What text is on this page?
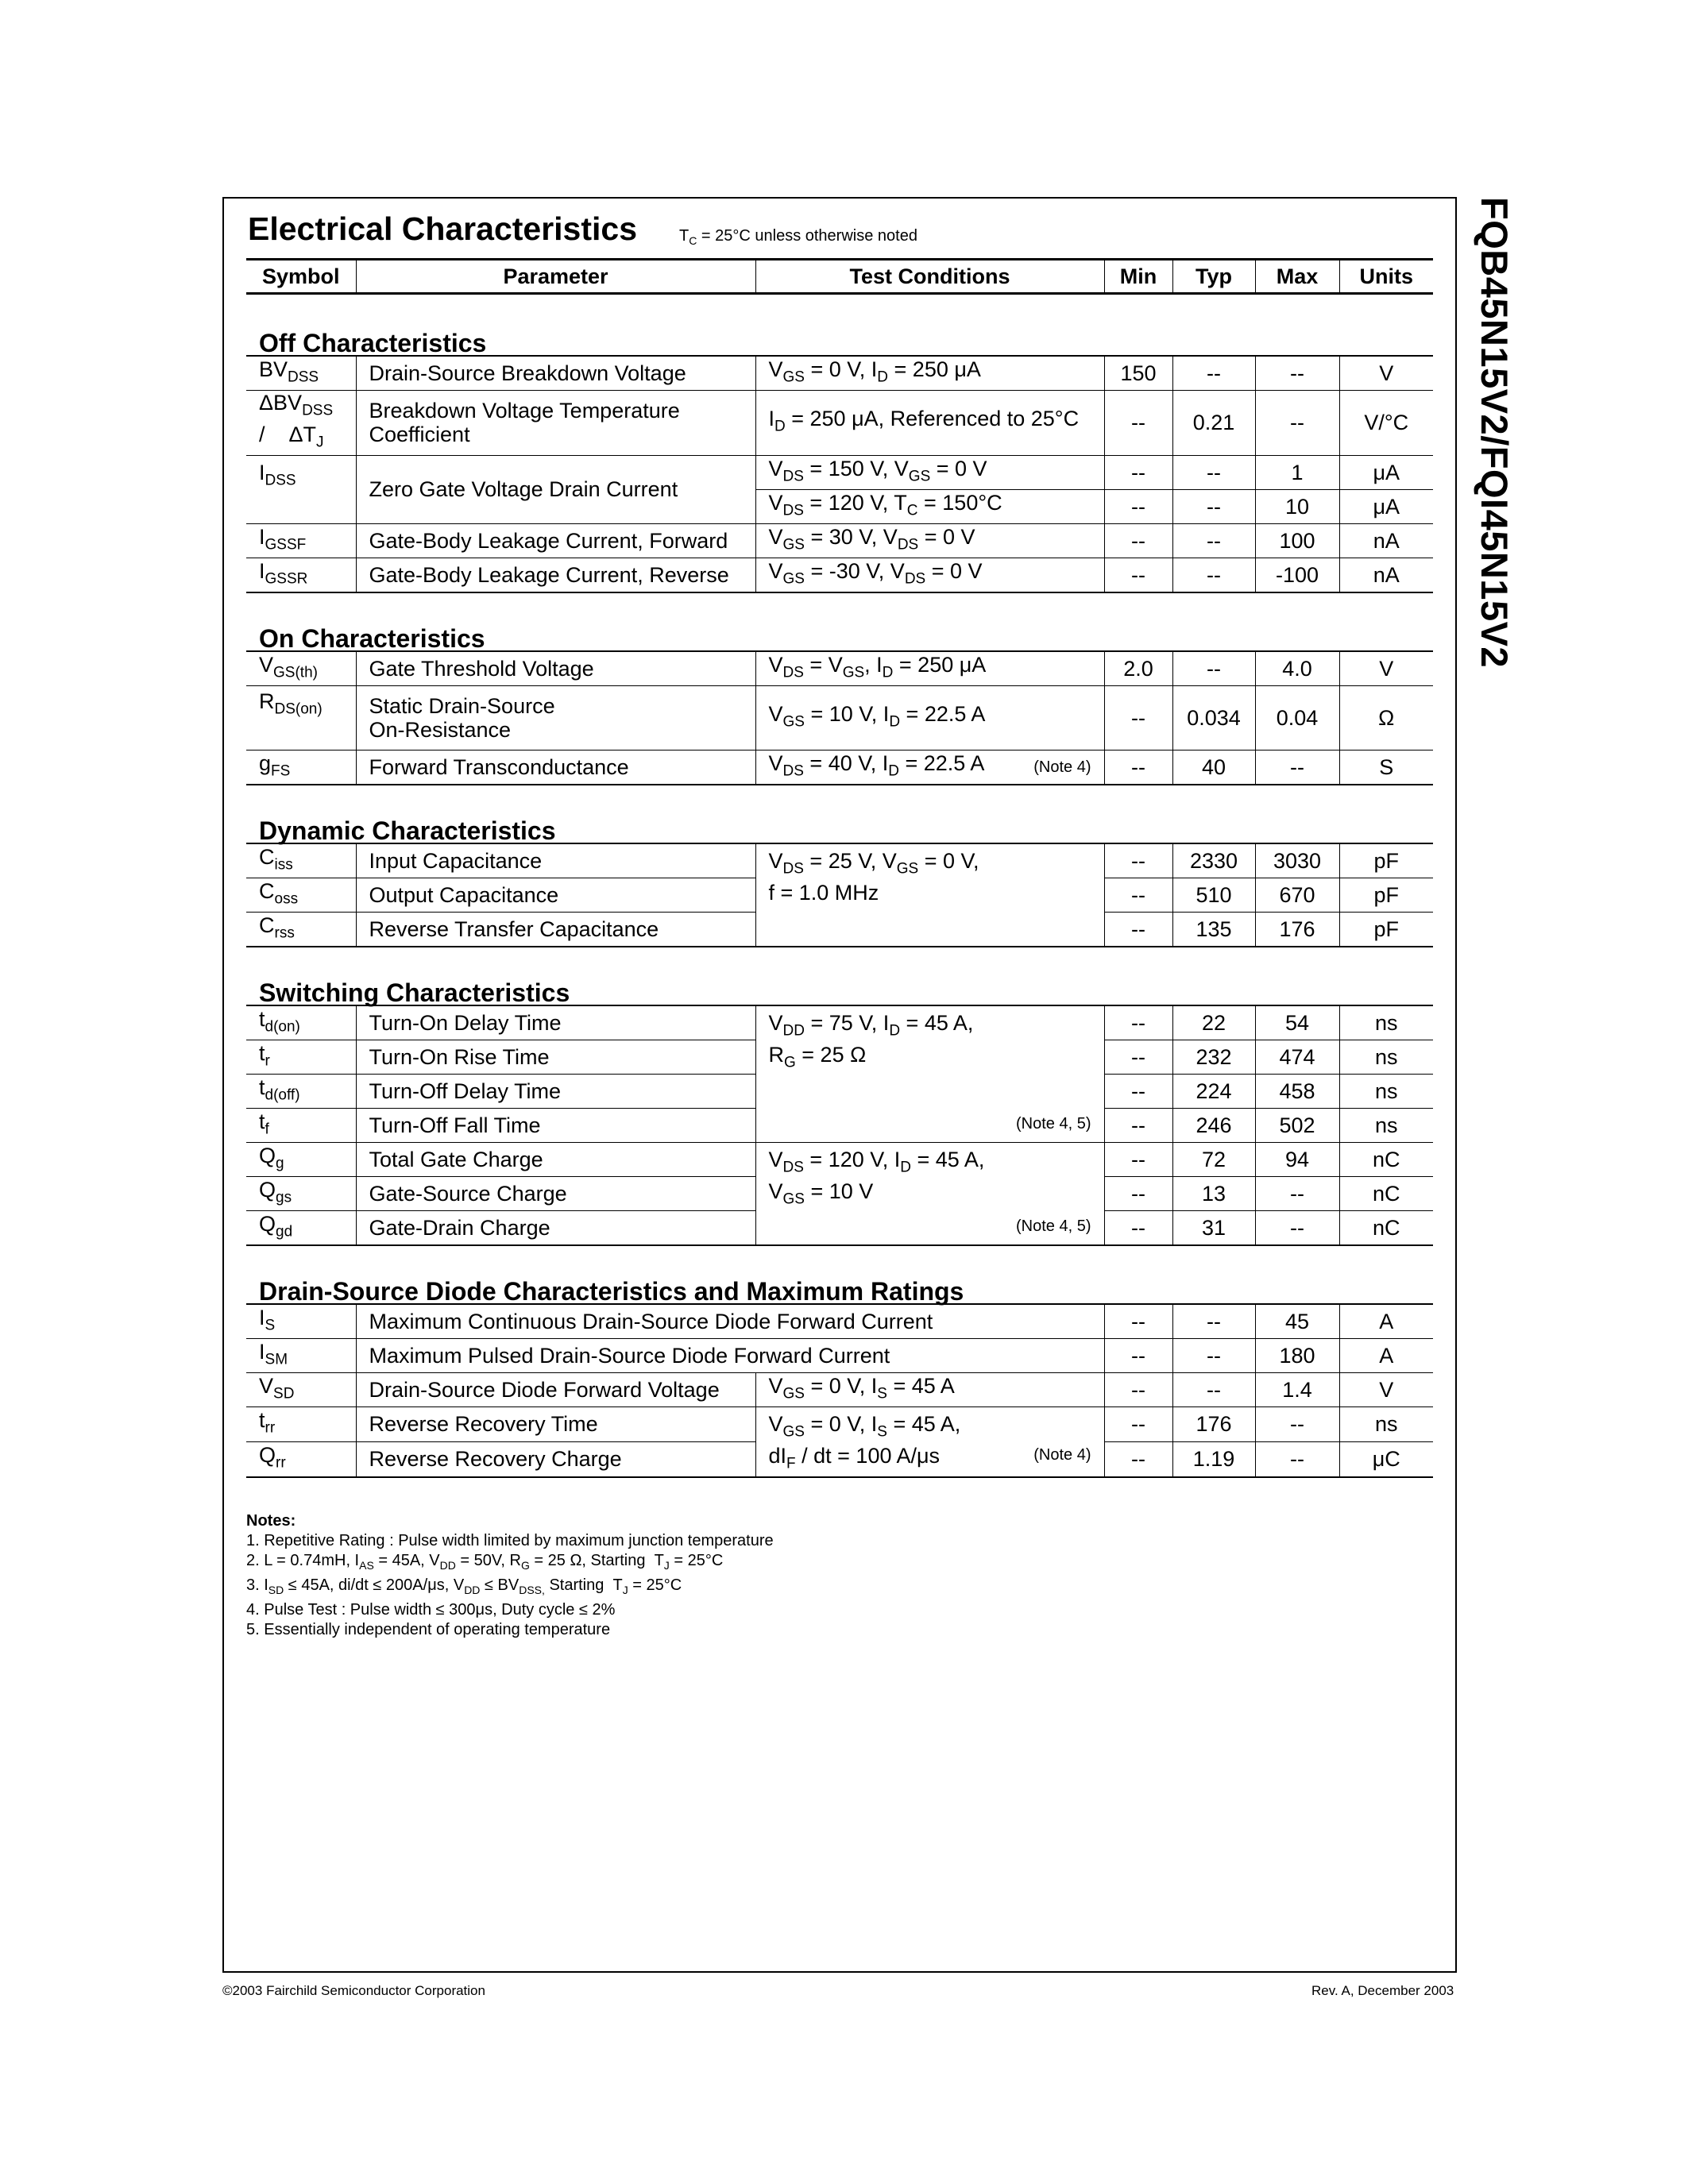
FQB45N15V2/FQI45N15V2
Electrical Characteristics	$T_C = 25^\circ C$ unless otherwise noted
Symbol	Parameter	Test Conditions	Min	Typ	Max	Units
Off Characteristics						
$BV_{DSS}$	Drain-Source Breakdown Voltage	$V_{GS} = 0$ V, $I_D = 250$ μA	150	--	--	V
$\Delta BV_{DSS}$
/    $\Delta T_J$	Breakdown Voltage Temperature
Coefficient	$I_D = 250$ μA, Referenced to 25°C	--	0.21	--	V/°C
$I_{DSS}$	Zero Gate Voltage Drain Current	$V_{DS} = 150$ V, $V_{GS} = 0$ V	--	--	1	μA
		$V_{DS} = 120$ V, $T_C = 150^\circ C$	--	--	10	μA
$I_{GSSF}$	Gate-Body Leakage Current, Forward	$V_{GS} = 30$ V, $V_{DS} = 0$ V	--	--	100	nA
$I_{GSSR}$	Gate-Body Leakage Current, Reverse	$V_{GS} = -30$ V, $V_{DS} = 0$ V	--	--	-100	nA
On Characteristics						
$V_{GS(th)}$	Gate Threshold Voltage	$V_{DS} = V_{GS}$, $I_D = 250$ μA	2.0	--	4.0	V
$R_{DS(on)}$	Static Drain-Source
On-Resistance	$V_{GS} = 10$ V, $I_D = 22.5$ A	--	0.034	0.04	Ω
$g_{FS}$	Forward Transconductance	$V_{DS} = 40$ V, $I_D = 22.5$ A (Note 4)	--	40	--	S
Dynamic Characteristics						
$C_{iss}$	Input Capacitance	$V_{DS} = 25$ V, $V_{GS} = 0$ V,
f = 1.0 MHz	--	2330	3030	pF
$C_{oss}$	Output Capacitance		--	510	670	pF
$C_{rss}$	Reverse Transfer Capacitance		--	135	176	pF
Switching Characteristics						
$t_{d(on)}$	Turn-On Delay Time	$V_{DD} = 75$ V, $I_D = 45$ A,
$R_G = 25$ Ω
(Note 4, 5)	--	22	54	ns
$t_r$	Turn-On Rise Time		--	232	474	ns
$t_{d(off)}$	Turn-Off Delay Time		--	224	458	ns
$t_f$	Turn-Off Fall Time		--	246	502	ns
$Q_g$	Total Gate Charge	$V_{DS} = 120$ V, $I_D = 45$ A,
$V_{GS} = 10$ V
(Note 4, 5)	--	72	94	nC
$Q_{gs}$	Gate-Source Charge		--	13	--	nC
$Q_{gd}$	Gate-Drain Charge		--	31	--	nC
Drain-Source Diode Characteristics and Maximum Ratings						
$I_S$	Maximum Continuous Drain-Source Diode Forward Current		--	--	45	A
$I_{SM}$	Maximum Pulsed Drain-Source Diode Forward Current		--	--	180	A
$V_{SD}$	Drain-Source Diode Forward Voltage	$V_{GS} = 0$ V, $I_S = 45$ A	--	--	1.4	V
$t_{rr}$	Reverse Recovery Time	$V_{GS} = 0$ V, $I_S = 45$ A,
$dI_F$ / dt = 100 A/μs (Note 4)	--	176	--	ns
$Q_{rr}$	Reverse Recovery Charge		--	1.19	--	μC
Notes:
1. Repetitive Rating : Pulse width limited by maximum junction temperature
2. L = 0.74mH, $I_{AS} = 45A$, $V_{DD} = 50V$, $R_G = 25$ Ω, Starting  $T_J = 25^\circ C$
3. $I_{SD} \le 45A$, di/dt ≤ 200A/μs, $V_{DD} \le BV_{DSS,}$ Starting  $T_J = 25^\circ C$
4. Pulse Test : Pulse width ≤ 300μs, Duty cycle ≤ 2%
5. Essentially independent of operating temperature
©2003 Fairchild Semiconductor Corporation	Rev. A, December 2003
